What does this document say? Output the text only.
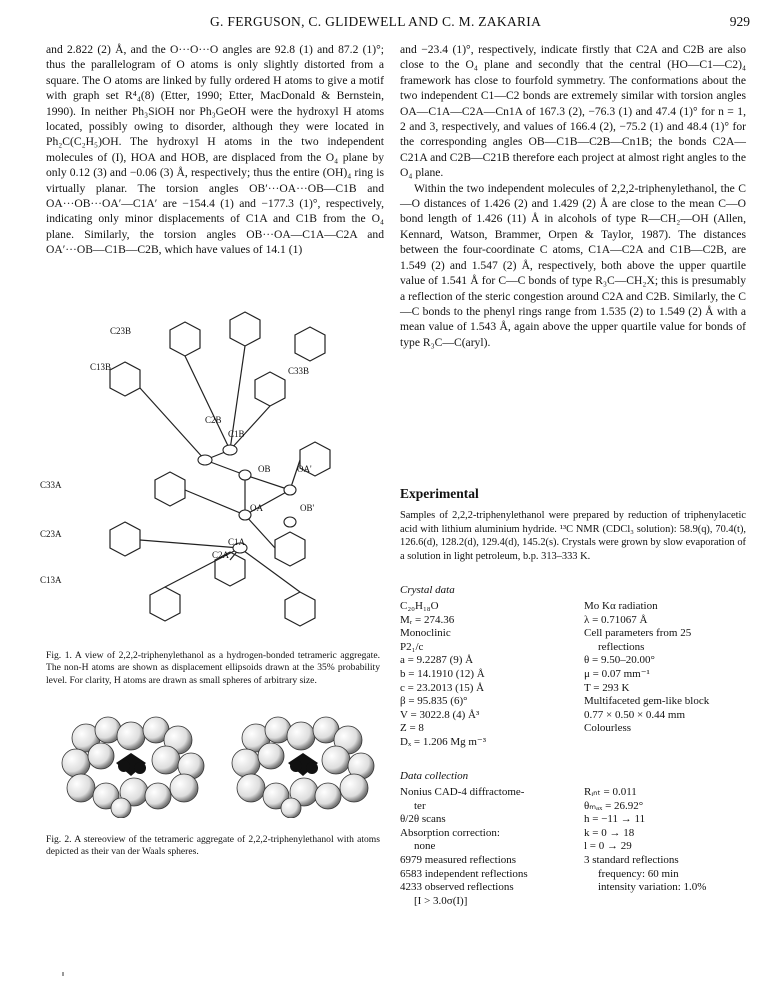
G. FERGUSON, C. GLIDEWELL AND C. M. ZAKARIA	929

and 2.822 (2) Å, and the O···O···O angles are 92.8 (1) and 87.2 (1)°; thus the parallelogram of O atoms is only slightly distorted from a square. The O atoms are linked by fully ordered H atoms to give a motif with graph set R⁴₄(8) (Etter, 1990; Etter, MacDonald & Bernstein, 1990). In neither Ph₃SiOH nor Ph₃GeOH were the hydroxyl H atoms located, possibly owing to disorder, although they were located in Ph₂C(C₂H₅)OH. The hydroxyl H atoms in the two independent molecules of (I), HOA and HOB, are displaced from the O₄ plane by only 0.12 (3) and −0.06 (3) Å, respectively; thus the entire (OH)₄ ring is virtually planar. The torsion angles OB′···OA···OB—C1B and OA···OB···OA′—C1A′ are −154.4 (1) and −177.3 (1)°, respectively, indicating only minor displacements of C1A and C1B from the O₄ plane. Similarly, the torsion angles OB···OA—C1A—C2A and OA′···OB—C1B—C2B, which have values of 14.1 (1)

and −23.4 (1)°, respectively, indicate firstly that C2A and C2B are also close to the O₄ plane and secondly that the central (HO—C1—C2)₄ framework has close to fourfold symmetry. The conformations about the two independent C1—C2 bonds are extremely similar with torsion angles OA—C1A—C2A—Cn1A of 167.3 (2), −76.3 (1) and 47.4 (1)° for n = 1, 2 and 3, respectively, and values of 166.4 (2), −75.2 (1) and 48.4 (1)° for the corresponding angles OB—C1B—C2B—Cn1B; the bonds C2A—C21A and C2B—C21B therefore each project at almost right angles to the O₄ plane.

Within the two independent molecules of 2,2,2-triphenylethanol, the C—O distances of 1.426 (2) and 1.429 (2) Å are close to the mean C—O bond length of 1.426 (11) Å in alcohols of type R—CH₂—OH (Allen, Kennard, Watson, Brammer, Orpen & Taylor, 1987). The distances between the four-coordinate C atoms, C1A—C2A and C1B—C2B, are 1.549 (2) and 1.547 (2) Å, respectively, both above the upper quartile value of 1.541 Å for C—C bonds of type R₃C—CH₂X; this is presumably a reflection of the steric congestion around C2A and C2B. Similarly, the C—C bonds to the phenyl rings range from 1.535 (2) to 1.549 (2) Å with a mean value of 1.543 Å, again above the upper quartile value for bonds of type R₃C—C(aryl).

C23B
C13B	C33B
C2B
C1B
OB	OA'
C33A
OA	OB'
C23A
C1A
C2A
C13A
Fig. 1. A view of 2,2,2-triphenylethanol as a hydrogen-bonded tetrameric aggregate. The non-H atoms are shown as displacement ellipsoids drawn at the 35% probability level. For clarity, H atoms are drawn as small spheres of arbitrary size.
Fig. 2. A stereoview of the tetrameric aggregate of 2,2,2-triphenylethanol with atoms depicted as their van der Waals spheres.
Experimental
Samples of 2,2,2-triphenylethanol were prepared by reduction of triphenylacetic acid with lithium aluminium hydride. ¹³C NMR (CDCl₃ solution): 58.9(q), 70.4(t), 126.6(d), 128.2(d), 129.4(d), 145.2(s). Crystals were grown by slow evaporation of a solution in light petroleum, b.p. 313–333 K.
Crystal data
C₂₀H₁₈O
Mᵣ = 274.36
Monoclinic
P2₁/c
a = 9.2287 (9) Å
b = 14.1910 (12) Å
c = 23.2013 (15) Å
β = 95.835 (6)°
V = 3022.8 (4) Å³
Z = 8
Dₓ = 1.206 Mg m⁻³
Mo Kα radiation
λ = 0.71067 Å
Cell parameters from 25
reflections
θ = 9.50–20.00°
μ = 0.07 mm⁻¹
T = 293 K
Multifaceted gem-like block
0.77 × 0.50 × 0.44 mm
Colourless
Data collection
Nonius CAD-4 diffractome-
ter
θ/2θ scans
Absorption correction:
none
6979 measured reflections
6583 independent reflections
4233 observed reflections
[I > 3.0σ(I)]
Rᵢₙₜ = 0.011
θₘₐₓ = 26.92°
h = −11 → 11
k = 0 → 18
l = 0 → 29
3 standard reflections
frequency: 60 min
intensity variation: 1.0%
